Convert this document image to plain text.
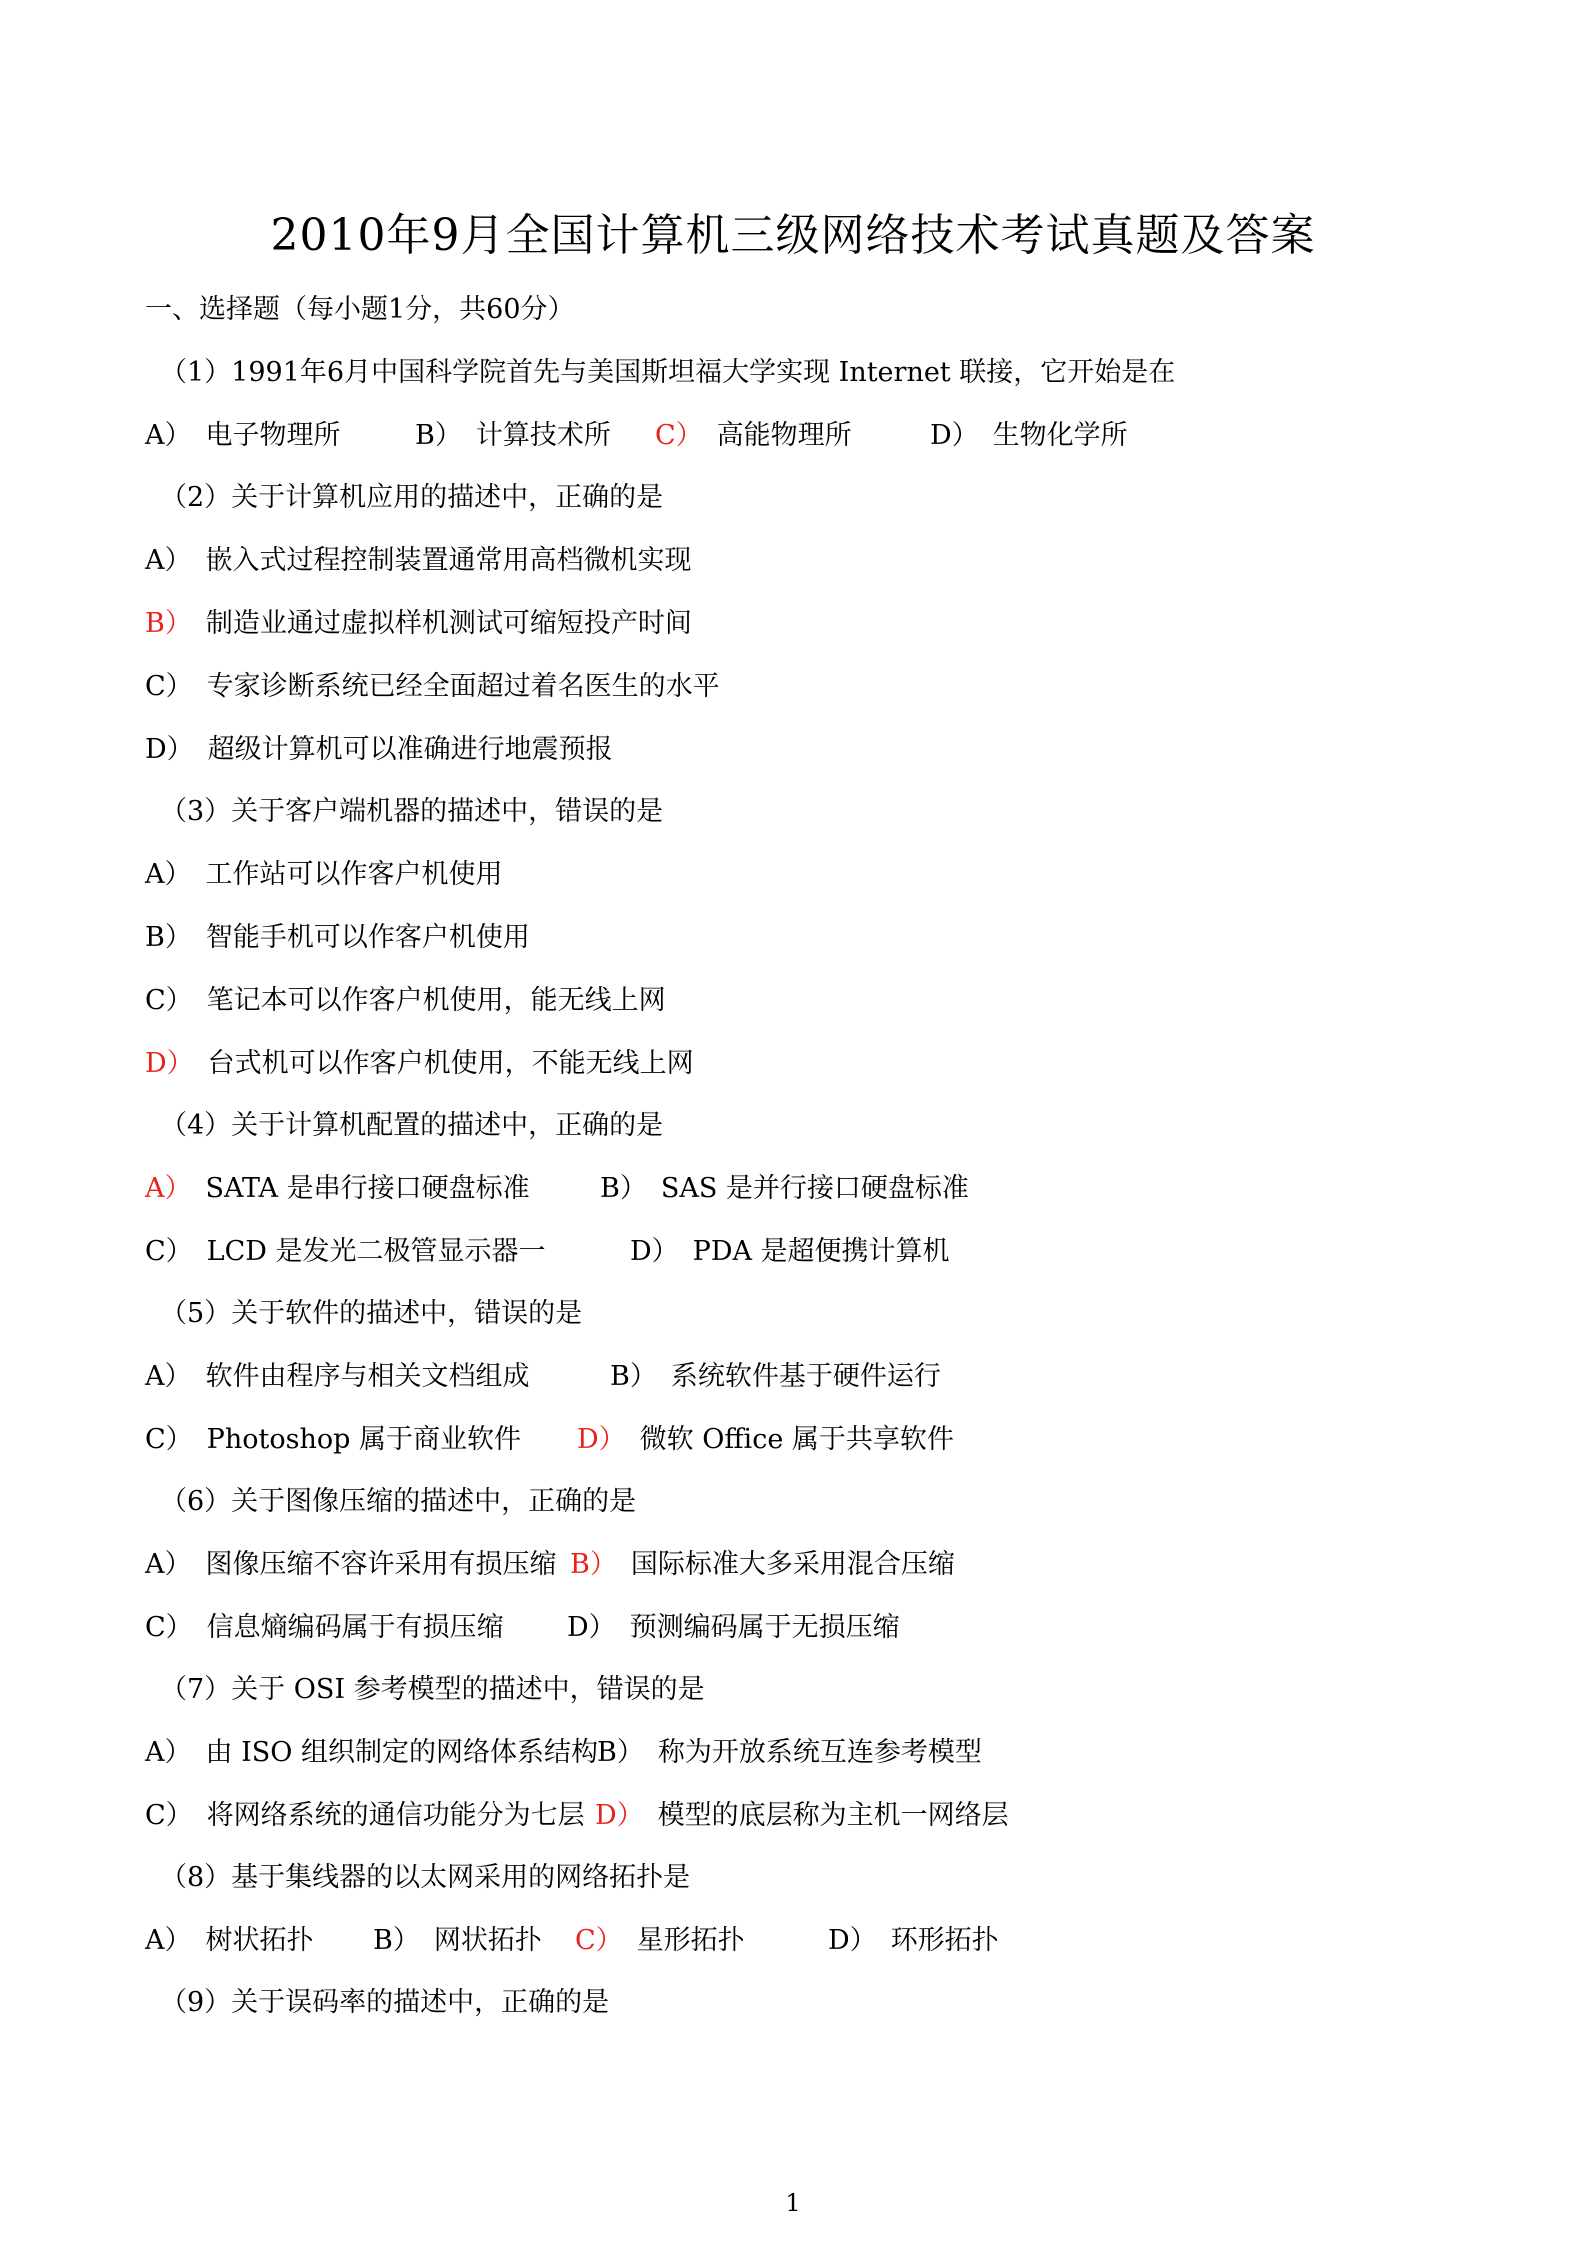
2010年9月全国计算机三级网络技术考试真题及答案
一、选择题（每小题1分，共60分）
（1）1991年6月中国科学院首先与美国斯坦福大学实现 Internet 联接，它开始是在
A） 电子物理所	B） 计算技术所 C） 高能物理所	D） 生物化学所
（2）关于计算机应用的描述中，正确的是
A） 嵌入式过程控制装置通常用高档微机实现
B） 制造业通过虚拟样机测试可缩短投产时间
C） 专家诊断系统已经全面超过着名医生的水平
D） 超级计算机可以准确进行地震预报
（3）关于客户端机器的描述中，错误的是
A） 工作站可以作客户机使用
B） 智能手机可以作客户机使用
C） 笔记本可以作客户机使用，能无线上网
D） 台式机可以作客户机使用，不能无线上网
（4）关于计算机配置的描述中，正确的是
A） SATA 是串行接口硬盘标准	B） SAS 是并行接口硬盘标准
C） LCD 是发光二极管显示器一	D） PDA 是超便携计算机
（5）关于软件的描述中，错误的是
A） 软件由程序与相关文档组成	B） 系统软件基于硬件运行
C） Photoshop 属于商业软件 D） 微软 Office 属于共享软件
（6）关于图像压缩的描述中，正确的是
A） 图像压缩不容许采用有损压缩 B） 国际标准大多采用混合压缩
C） 信息熵编码属于有损压缩 D） 预测编码属于无损压缩
（7）关于 OSI 参考模型的描述中，错误的是
A） 由 ISO 组织制定的网络体系结构 B） 称为开放系统互连参考模型
C） 将网络系统的通信功能分为七层 D） 模型的底层称为主机一网络层
（8）基于集线器的以太网采用的网络拓扑是
A） 树状拓扑 B） 网状拓扑 C） 星形拓扑	D） 环形拓扑
（9）关于误码率的描述中，正确的是
1
